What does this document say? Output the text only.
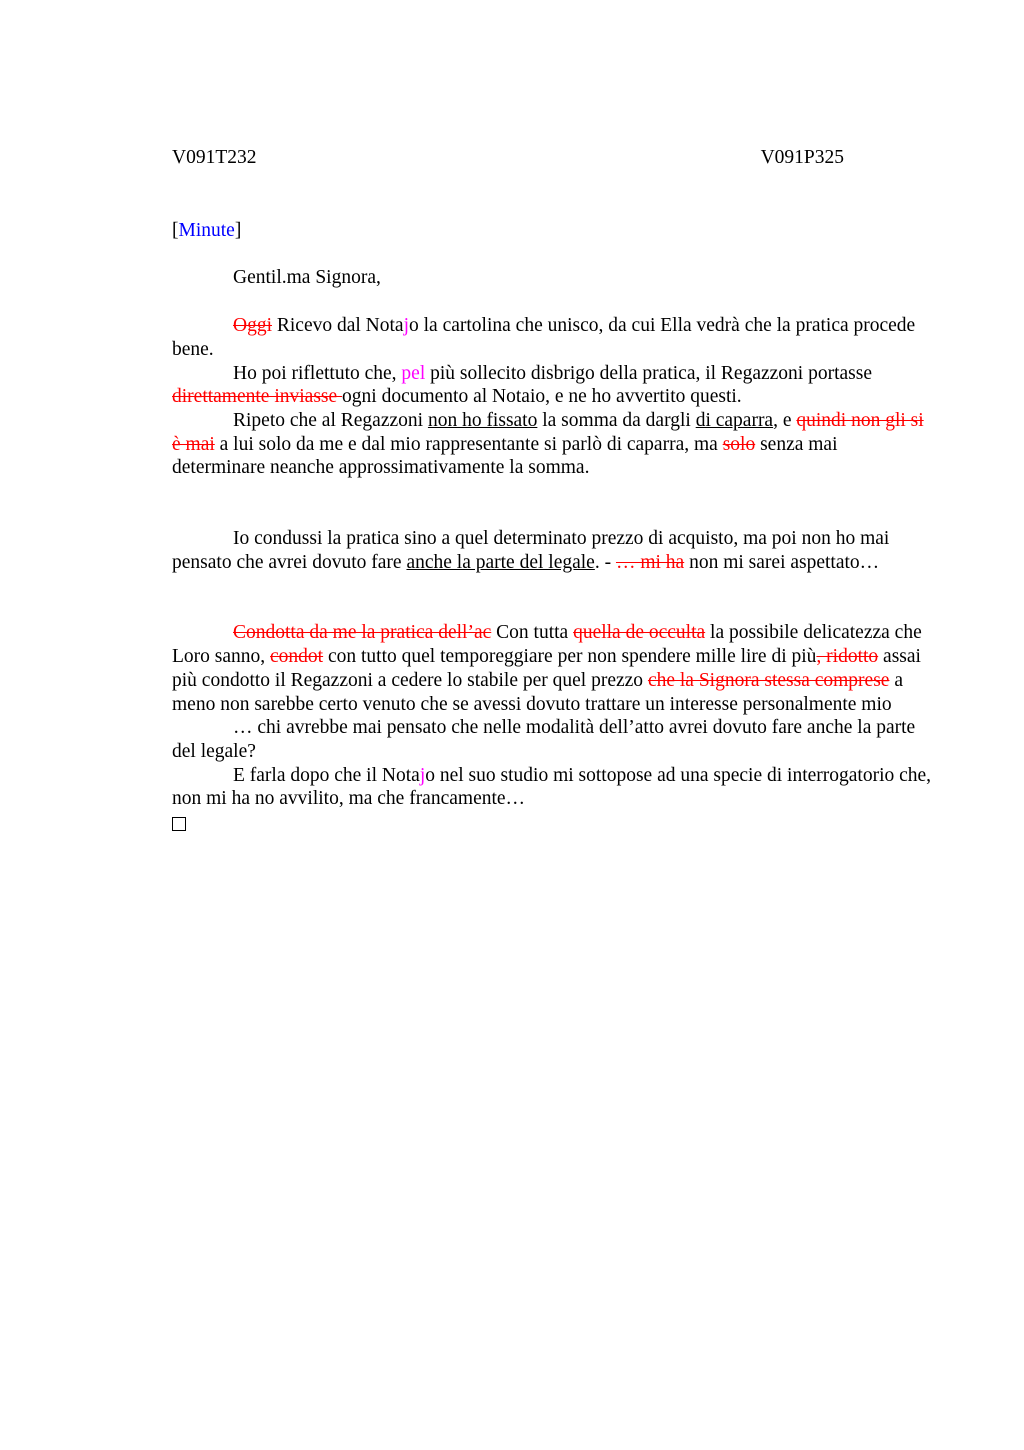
V091T232	V091P325

[Minute]

Gentil.ma Signora,

Oggi Ricevo dal Notajo la cartolina che unisco, da cui Ella vedrà che la pratica procede bene.

Ho poi riflettuto che, pel più sollecito disbrigo della pratica, il Regazzoni portasse direttamente inviasse ogni documento al Notaio, e ne ho avvertito questi.

Ripeto che al Regazzoni non ho fissato la somma da dargli di caparra, e quindi non gli si è mai a lui solo da me e dal mio rappresentante si parlò di caparra, ma solo senza mai determinare neanche approssimativamente la somma.

Io condussi la pratica sino a quel determinato prezzo di acquisto, ma poi non ho mai pensato che avrei dovuto fare anche la parte del legale. - … mi ha non mi sarei aspettato…

Condotta da me la pratica dell’ac Con tutta quella de occulta la possibile delicatezza che Loro sanno, condot con tutto quel temporeggiare per non spendere mille lire di più, ridotto assai più condotto il Regazzoni a cedere lo stabile per quel prezzo che la Signora stessa comprese a meno non sarebbe certo venuto che se avessi dovuto trattare un interesse personalmente mio

… chi avrebbe mai pensato che nelle modalità dell’atto avrei dovuto fare anche la parte del legale?

E farla dopo che il Notajo nel suo studio mi sottopose ad una specie di interrogatorio che, non mi ha no avvilito, ma che francamente…
